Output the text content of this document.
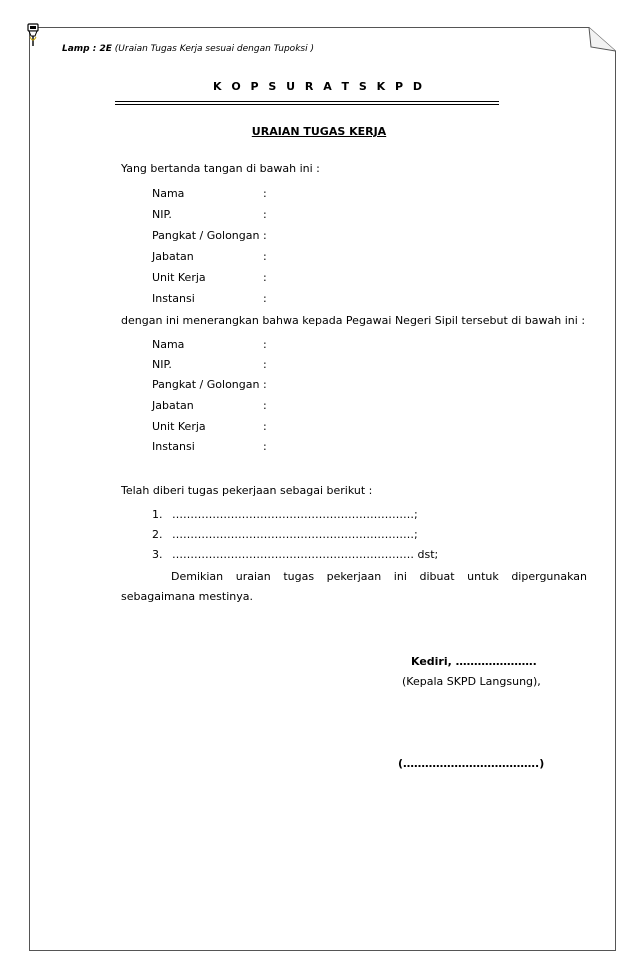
Lamp : 2E (Uraian Tugas Kerja sesuai dengan Tupoksi )
K O P S U R A T S K P D
URAIAN TUGAS KERJA
Yang bertanda tangan di bawah ini :
Nama	:
NIP.	:
Pangkat / Golongan :
Jabatan	:
Unit Kerja	:
Instansi	:
dengan ini menerangkan bahwa kepada Pegawai Negeri Sipil tersebut di bawah ini :
Nama	:
NIP.	:
Pangkat / Golongan :
Jabatan	:
Unit Kerja	:
Instansi	:
Telah diberi tugas pekerjaan sebagai berikut :
1. …………………………………………………………;
2. …………………………………………………………;
3. ………………………………………………………… dst;
Demikian uraian tugas pekerjaan ini dibuat untuk dipergunakan sebagaimana mestinya.
Kediri, ………………….
(Kepala SKPD Langsung),
(……………………………….)
